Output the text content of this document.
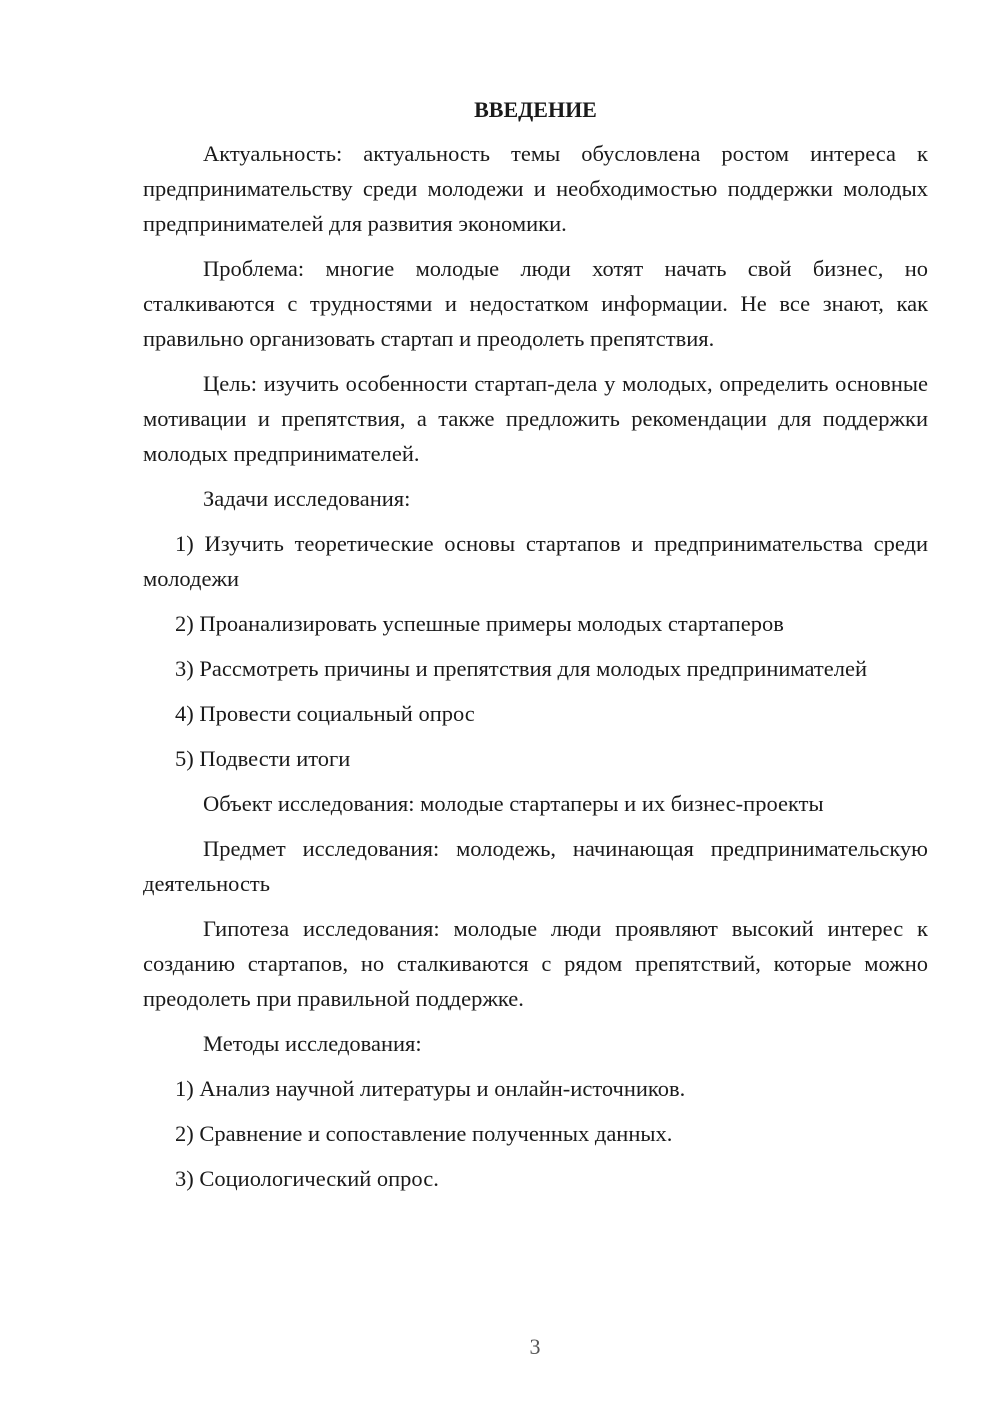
ВВЕДЕНИЕ

Актуальность: актуальность темы обусловлена ростом интереса к предпринимательству среди молодежи и необходимостью поддержки молодых предпринимателей для развития экономики.

Проблема: многие молодые люди хотят начать свой бизнес, но сталкиваются с трудностями и недостатком информации. Не все знают, как правильно организовать стартап и преодолеть препятствия.

Цель: изучить особенности стартап-дела у молодых, определить основные мотивации и препятствия, а также предложить рекомендации для поддержки молодых предпринимателей.

Задачи исследования:

1) Изучить теоретические основы стартапов и предпринимательства среди молодежи

2) Проанализировать успешные примеры молодых стартаперов

3) Рассмотреть причины и препятствия для молодых предпринимателей

4) Провести социальный опрос

5) Подвести итоги

Объект исследования: молодые стартаперы и их бизнес-проекты

Предмет исследования: молодежь, начинающая предпринимательскую деятельность

Гипотеза исследования: молодые люди проявляют высокий интерес к созданию стартапов, но сталкиваются с рядом препятствий, которые можно преодолеть при правильной поддержке.

Методы исследования:

1) Анализ научной литературы и онлайн-источников.

2) Сравнение и сопоставление полученных данных.

3) Социологический опрос.

3
